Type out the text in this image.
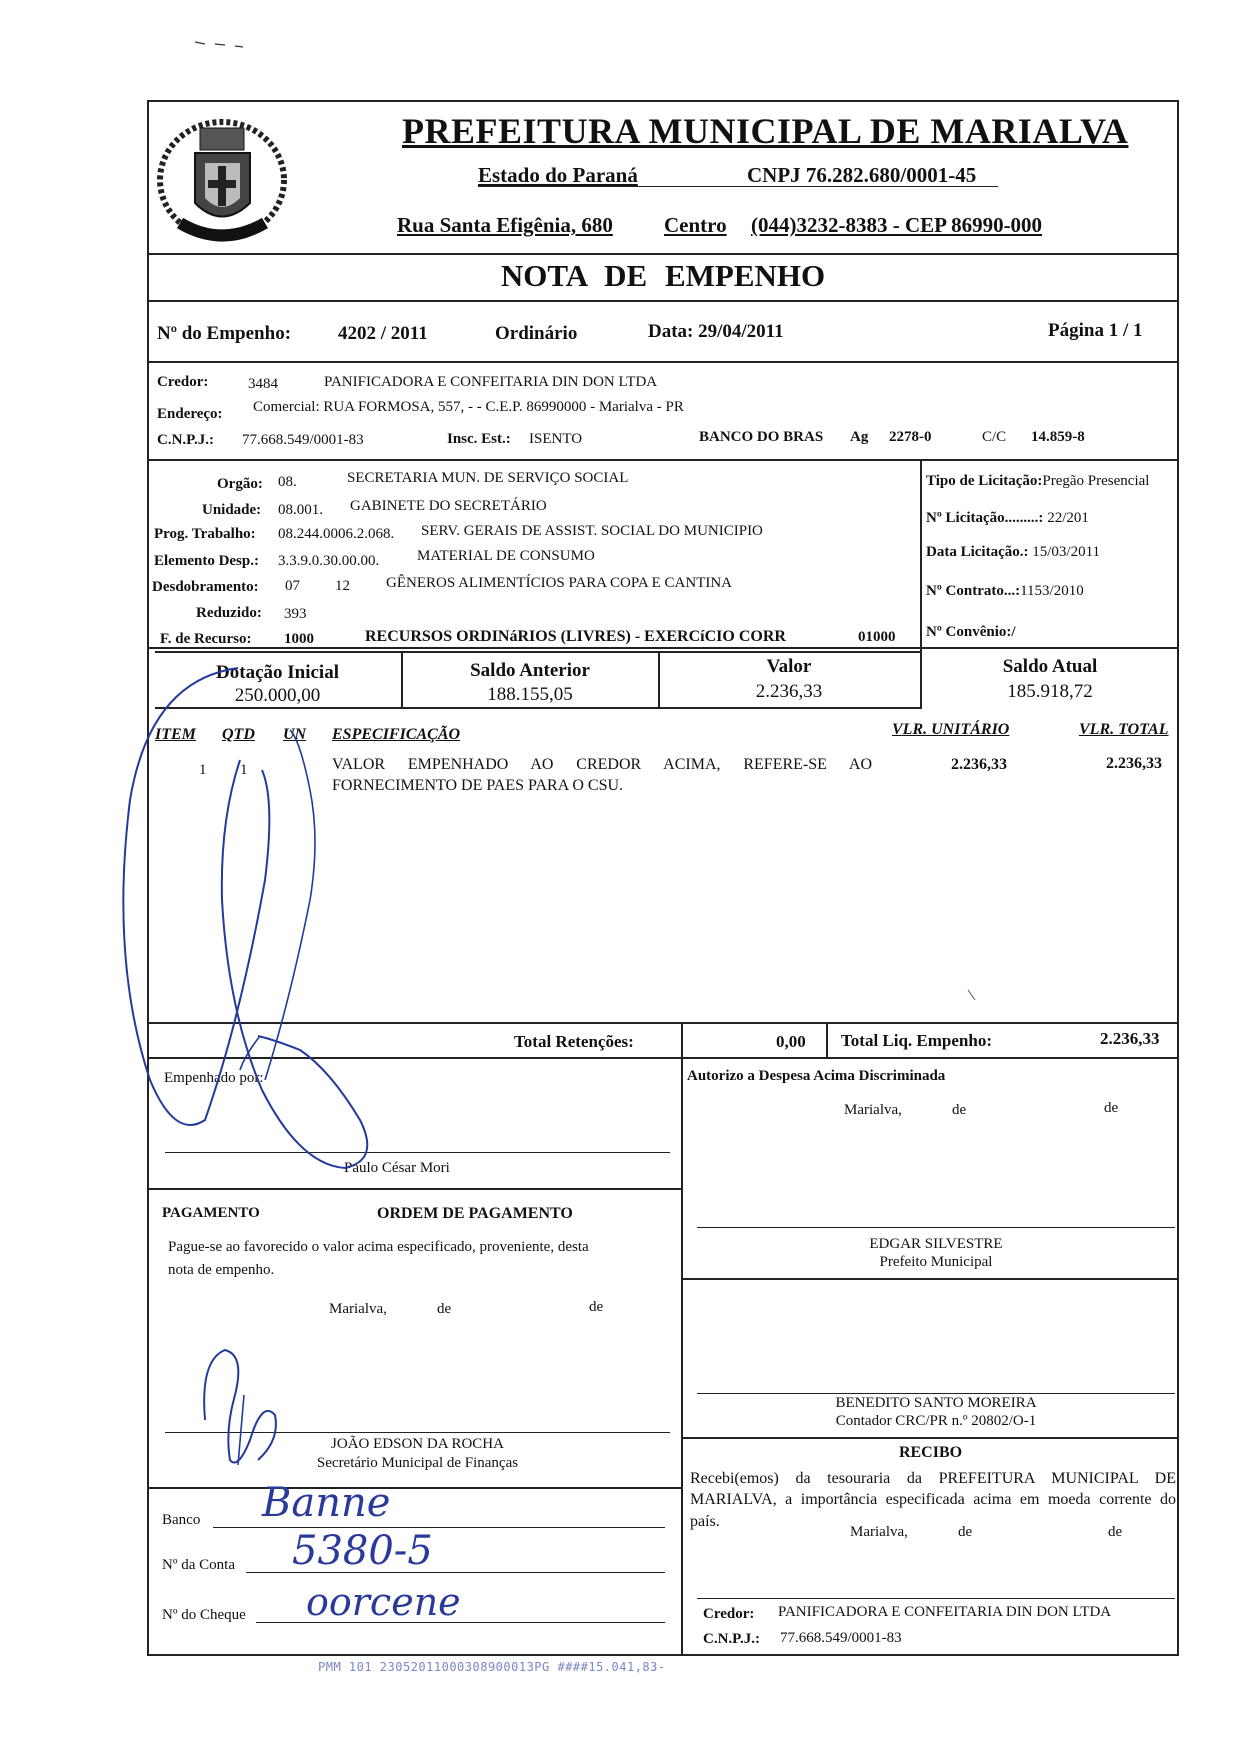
PREFEITURA MUNICIPAL DE MARIALVA
Estado do Paraná	CNPJ 76.282.680/0001-45
Rua Santa Efigênia, 680 Centro (044)3232-8383 - CEP 86990-000
NOTA DE EMPENHO
Nº do Empenho: 4202 / 2011	Ordinário	Data: 29/04/2011	Página 1 / 1
Credor:	3484	PANIFICADORA E CONFEITARIA DIN DON LTDA
Endereço: Comercial: RUA FORMOSA, 557, - - C.E.P. 86990000 - Marialva - PR
C.N.P.J.: 77.668.549/0001-83	Insc. Est.: ISENTO	BANCO DO BRAS Ag 2278-0	C/C 14.859-8
Orgão: 08.	SECRETARIA MUN. DE SERVIÇO SOCIAL
Unidade: 08.001. GABINETE DO SECRETÁRIO
Prog. Trabalho: 08.244.0006.2.068. SERV. GERAIS DE ASSIST. SOCIAL DO MUNICIPIO
Elemento Desp.: 3.3.9.0.30.00.00.	MATERIAL DE CONSUMO
Desdobramento: 07 12 GÊNEROS ALIMENTÍCIOS PARA COPA E CANTINA
Reduzido: 393
F. de Recurso: 1000	RECURSOS ORDINáRIOS (LIVRES) - EXERCíCIO CORR	01000
Tipo de Licitação:Pregão Presencial
Nº Licitação.........: 22/201
Data Licitação.: 15/03/2011
Nº Contrato...:1153/2010
Nº Convênio:/
Dotação Inicial
250.000,00
Saldo Anterior
188.155,05
Valor
2.236,33
Saldo Atual
185.918,72
ITEM QTD UN ESPECIFICAÇÃO	VLR. UNITÁRIO	VLR. TOTAL
1 1	VALOR EMPENHADO AO CREDOR ACIMA, REFERE-SE AO
FORNECIMENTO DE PAES PARA O CSU.
2.236,33	2.236,33
Total Retenções:	0,00 Total Liq. Empenho:	2.236,33
Empenhado por:
Paulo César Mori
Autorizo a Despesa Acima Discriminada
Marialva,	de	de
EDGAR SILVESTRE
Prefeito Municipal
BENEDITO SANTO MOREIRA
Contador CRC/PR n.º 20802/O-1
PAGAMENTO	ORDEM DE PAGAMENTO
Pague-se ao favorecido o valor acima especificado, proveniente, desta
nota de empenho.
Marialva,	de	de
JOÃO EDSON DA ROCHA
Secretário Municipal de Finanças
Banco Banne
Nº da Conta 5380-5
Nº do Cheque oorcene
RECIBO
Recebi(emos) da tesouraria da PREFEITURA MUNICIPAL DE
MARIALVA, a importância especificada acima em moeda corrente do
país.
Marialva,	de	de
Credor: PANIFICADORA E CONFEITARIA DIN DON LTDA
C.N.P.J.: 77.668.549/0001-83
PMM 101 23052011000308900013PG ####15.041,83-
